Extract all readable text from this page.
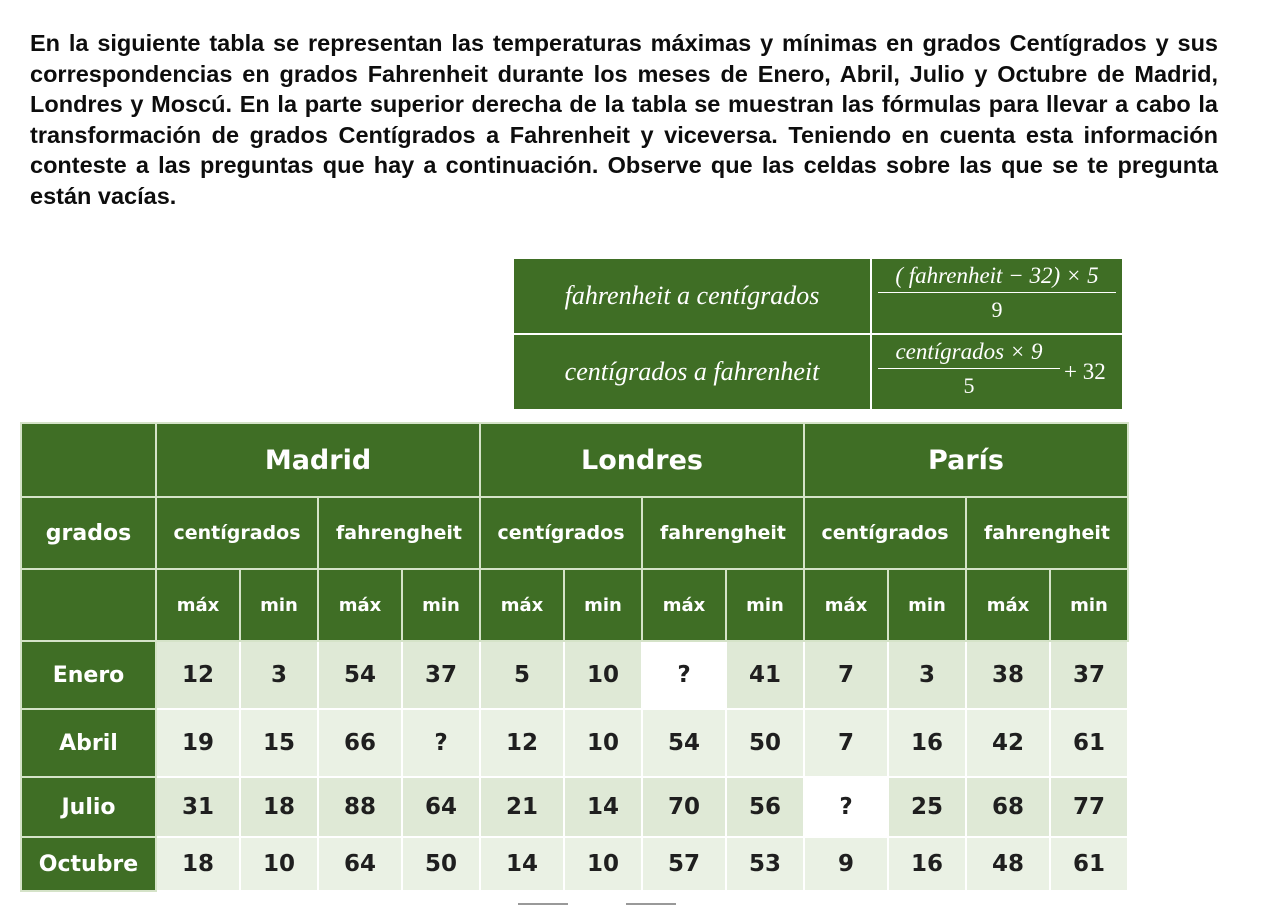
En la siguiente tabla se representan las temperaturas máximas y mínimas en grados Centígrados y sus correspondencias en grados Fahrenheit durante los meses de Enero, Abril, Julio y Octubre de Madrid, Londres y Moscú. En la parte superior derecha de la tabla se muestran las fórmulas para llevar a cabo la transformación de grados Centígrados a Fahrenheit y viceversa. Teniendo en cuenta esta información conteste a las preguntas que hay a continuación. Observe que las celdas sobre las que se te pregunta están vacías.

fahrenheit a centígrados	( fahrenheit − 32) × 5
9

centígrados a fahrenheit	centígrados × 9
5
+ 32
	Madrid				Londres				París			
grados	centígrados		fahrengheit		centígrados		fahrengheit		centígrados		fahrengheit	
	máx	min	máx	min	máx	min	máx	min	máx	min	máx	min
Enero	12	3	54	37	5	10	?	41	7	3	38	37
Abril	19	15	66	?	12	10	54	50	7	16	42	61
Julio	31	18	88	64	21	14	70	56	?	25	68	77
Octubre	18	10	64	50	14	10	57	53	9	16	48	61
